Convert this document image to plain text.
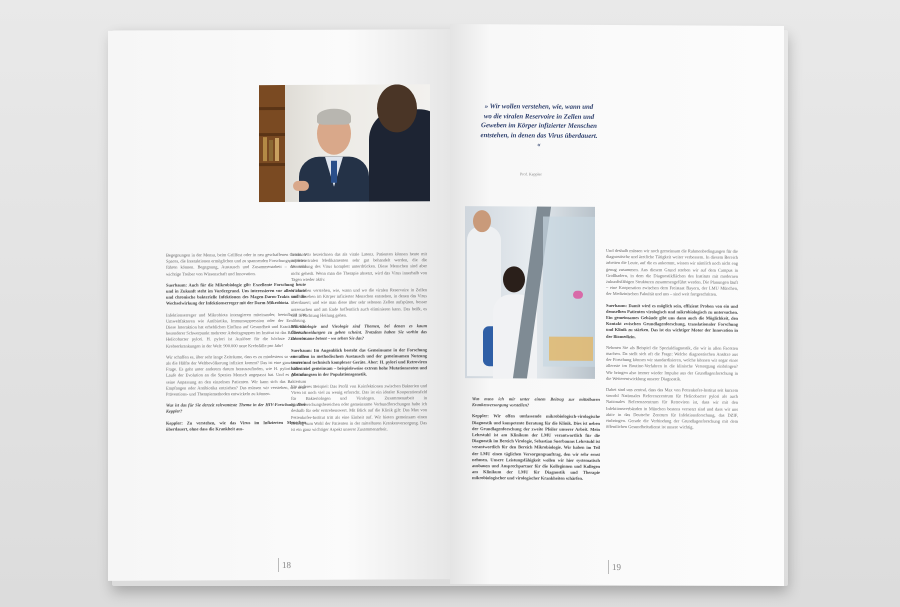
Begegnungen in der Mensa, beim Grillfest oder in neu geschaffenen Common Spaces, die Interaktionen ermöglichen und zu spannenden Forschungsprojekten führen können. Begegnung, Austausch und Zusammenarbeit – das sind wichtige Treiber von Wissenschaft und Innovation.

Suerbaum: Auch für die Mikrobiologie gilt: Exzellente Forschung heute und in Zukunft steht im Vordergrund. Uns interessieren vor allem akute und chronische bakterielle Infektionen des Magen-Darm-Trakts und die Wechselwirkung der Infektionserreger mit der Darm-Mikrobiota.

Infektionserreger und Mikrobiota interagieren miteinander, beeinflusst von Umweltfaktoren wie Antibiotika, Immunsuppression oder der Ernährung. Diese Interaktion hat erheblichen Einfluss auf Gesundheit und Krankheit. Ein besonderer Schwerpunkt mehrerer Arbeitsgruppen im Institut ist das Bakterium Helicobacter pylori. H. pylori ist Auslöser für die höchste Zahl von Krebserkrankungen in der Welt: 900.000 neue Krebsfälle pro Jahr!

Wir schaffen es, über sehr lange Zeiträume, dass es zu mindestens so wie mehr als die Hälfte der Weltbevölkerung infiziert kommt? Das ist eine ganz zentrale Frage. Es geht unter anderem darum herauszufinden, wie H. pylori sich im Laufe der Evolution an die Spezies Mensch angepasst hat. Und es geht um seine Anpassung an den einzelnen Patienten. Wir kann sich das Bakterium Empfangen oder Antibiotika entziehen? Das müssen wir verstehen, um neue Präventions- und Therapiemethoden entwickeln zu können.

Was ist das für Sie derzeit relevanteste Thema in der HIV-Forschung, Herr Keppler?

Keppler: Zu verstehen, wie das Virus im Infizierten Menschen überdauert, ohne dass die Krankheit aus-

bricht. Wir bezeichnen das als virale Latenz. Patienten können heute mit antiretroviralen Medikamenten sehr gut behandelt werden, die die Vermehrung des Virus komplett unterdrücken. Diese Menschen sind aber nicht geheilt. Wenn man die Therapie absetzt, wird das Virus innerhalb von Tagen wieder aktiv.

Wir wollen verstehen, wie, wann und wo die viralen Reservoire in Zellen und Geweben im Körper infizierter Menschen entstehen, in denen das Virus überdauert; und wie man diese über sehr seltenen Zellen aufspüren, besser untersuchen und am Ende hoffentlich auch eliminieren kann. Das heißt, es soll in Richtung Heilung gehen.

Mikrobiologie und Virologie sind Themen, bei denen es kaum Überschneidungen zu geben scheint. Trotzdem haben Sie vorhin das Gemeinsame betont – wo sehen Sie das?

Suerbaum: Im Augenblick besteht das Gemeinsame in der Forschung vor allem in methodischem Austausch und der gemeinsamen Nutzung teurer und technisch komplexer Geräte. Aber: H. pylori und Retroviren haben viel gemeinsam – beispielsweise extrem hohe Mutationsraten und Abstufungsen in der Populationsgenetik.

Ein anderes Beispiel: Das Profil von Koinfektionen zwischen Bakterien und Viren ist noch viel zu wenig erforscht. Das ist ein idealer Kooperationsfeld für Bakteriologen und Virologen. Zusammenarbeit in Sonderforschungsbereichen oder gemeinsame Verbundforschungen halte ich deshalb für sehr erstrebenswert. Mit Blick auf die Klinik gilt: Das Max von Pettenkofer-Institut tritt als eine Einheit auf. Wir bieten gemeinsam einen Beitrag zum Wohl der Patienten in der mittelbaren Krankenversorgung. Das ist ein ganz wichtiger Aspekt unserer Zusammenarbeit.

18
» Wir wollen verstehen, wie, wann und wo die viralen Reservoire in Zellen und Geweben im Körper infizierter Menschen entstehen, in denen das Virus überdauert. «
Prof. Keppler

Was muss ich mir unter einem Beitrag zur mittelbaren Krankenversorgung vorstellen?

Keppler: Wir offen umfassende mikrobiologisch-virologische Diagnostik und kompetente Beratung für die Klinik. Dies ist neben der Grundlagenforschung der zweite Pfeiler unserer Arbeit. Mein Lehrstuhl ist am Klinikum der LMU verantwortlich für die Diagnostik im Bereich Virologie, Sebastian Suerbaums Lehrstuhl ist verantwortlich für den Bereich Mikrobiologie. Wir haben im Teil der LMU einen täglichen Versorgungsauftrag, den wir sehr ernst nehmen. Unsere Leistungsfähigkeit wollen wir hier systematisch ausbauen und Ansprechpartner für die Kolleginnen und Kollegen am Klinikum der LMU für Diagnostik und Therapie mikrobiologischer und virologischer Krankheiten schärfen.

Und deshalb müssen wir noch gemeinsam die Rahmenbedingungen für die diagnostische und ärztliche Tätigkeit weiter verbessern. In diesem Bereich arbeiten die Leute, auf die es ankommt, wissen wir nämlich noch nicht eng genug zusammen. Aus diesem Grund streben wir auf dem Campus in Großhadern, in dem die Diagnostikflächen des Instituts mit modernen zukunftsfähigen Strukturen zusammengeführt werden. Die Planungen läuft – eine Kooperation zwischen dem Freistaat Bayern, der LMU München, der Medizinischen Fakultät und uns – sind weit fortgeschritten.

Suerbaum: Damit wird es möglich sein, effizient Proben von ein und demselben Patienten virologisch und mikrobiologisch zu untersuchen. Ein gemeinsames Gebäude gibt uns dann auch die Möglichkeit, den Kontakt zwischen Grundlagenforschung, translationaler Forschung und Klinik zu stärken. Das ist ein wichtiger Motor der Innovation in der Biomedizin.

Nehmen Sie als Beispiel die Spezialdiagnostik, die wir in allen Facetten machen. Da stellt sich oft die Frage: Welche diagnostischen Ansätze aus der Forschung können wir standardisieren, welche können wir sogar einer allerrste im Routine-Verfahren in die klinische Versorgung einbringen? Wir bringen also immer wieder Impulse aus der Grundlagenforschung in die Weiterentwicklung unserer Diagnostik.

Dabei sind uns zentral, dass das Max von Pettenkofer-Institut seit kurzem sowohl Nationales Referenzzentrum für Helicobacter pylori als auch Nationales Referenzzentrum für Retroviren ist, dass wir mit den Infektionsverbänden in München bestens vernetzt sind und dass wir uns aktiv in das Deutsche Zentrum für Infektionsforschung, das DZIF, einbringen. Gerade die Verbindung der Grundlagenforschung mit dem öffentlichen Gesundheitsdienst ist unsere wichtig.

19
